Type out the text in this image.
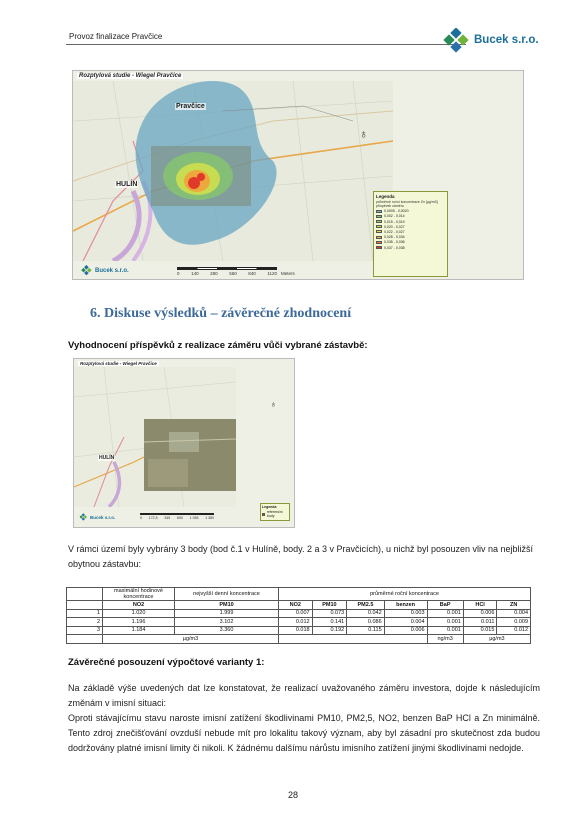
Provoz finalizace Pravčice	Bucek s.r.o.
Pravčice
HULÍN
Rozptylová studie - Wiegel Pravčice
♁
Legenda
průměrné roční koncentrace Zn [µg/m3] příspěvek záměru
0,0005 - 0,0020
0,002 - 0,014
0,015 - 0,019
0,020 - 0,027
0,022 - 0,027
0,028 - 0,034
0,035 - 0,036
0,037 - 0,038
Bucek s.r.o.	0	140	280	560	840	1120 Meters
6. Diskuse výsledků – závěrečné zhodnocení
Vyhodnocení příspěvků z realizace záměru vůči vybrané zástavbě:
HULÍN
Rozptylová studie - Wiegel Pravčice
♁
Legenda
referenční body
Bucek s.r.o.	0 172,5 345 690 1 035 1 380
V rámci území byly vybrány 3 body (bod č.1 v Hulíně, body. 2 a 3 v Pravčicích), u nichž byl posouzen vliv na nejbližší obytnou zástavbu:
	maximální hodinové koncentrace	nejvyšší denní koncentrace	průměrné roční koncentrace						
	NO2	PM10	NO2	PM10	PM2.5	benzen	BaP	HCl	ZN
1	1.020	1.999	0.007	0.073	0.042	0.003	0.001	0.006	0.004
2	1.196	3.102	0.012	0.141	0.086	0.004	0.001	0.011	0.009
3	1.184	3.360	0.018	0.192	0.115	0.006	0.001	0.015	0.012
	µg/m3						ng/m3	µg/m3	
Závěrečné posouzení výpočtové varianty 1:
Na základě výše uvedených dat lze konstatovat, že realizací uvažovaného záměru investora, dojde k následujícím změnám v imisní situaci:
Oproti stávajícímu stavu naroste imisní zatížení škodlivinami PM10, PM2,5, NO2, benzen BaP HCl a Zn minimálně. Tento zdroj znečišťování ovzduší nebude mít pro lokalitu takový význam, aby byl zásadní pro skutečnost zda budou dodržovány platné imisní limity či nikoli. K žádnému dalšímu nárůstu imisního zatížení jinými škodlivinami nedojde.
28
